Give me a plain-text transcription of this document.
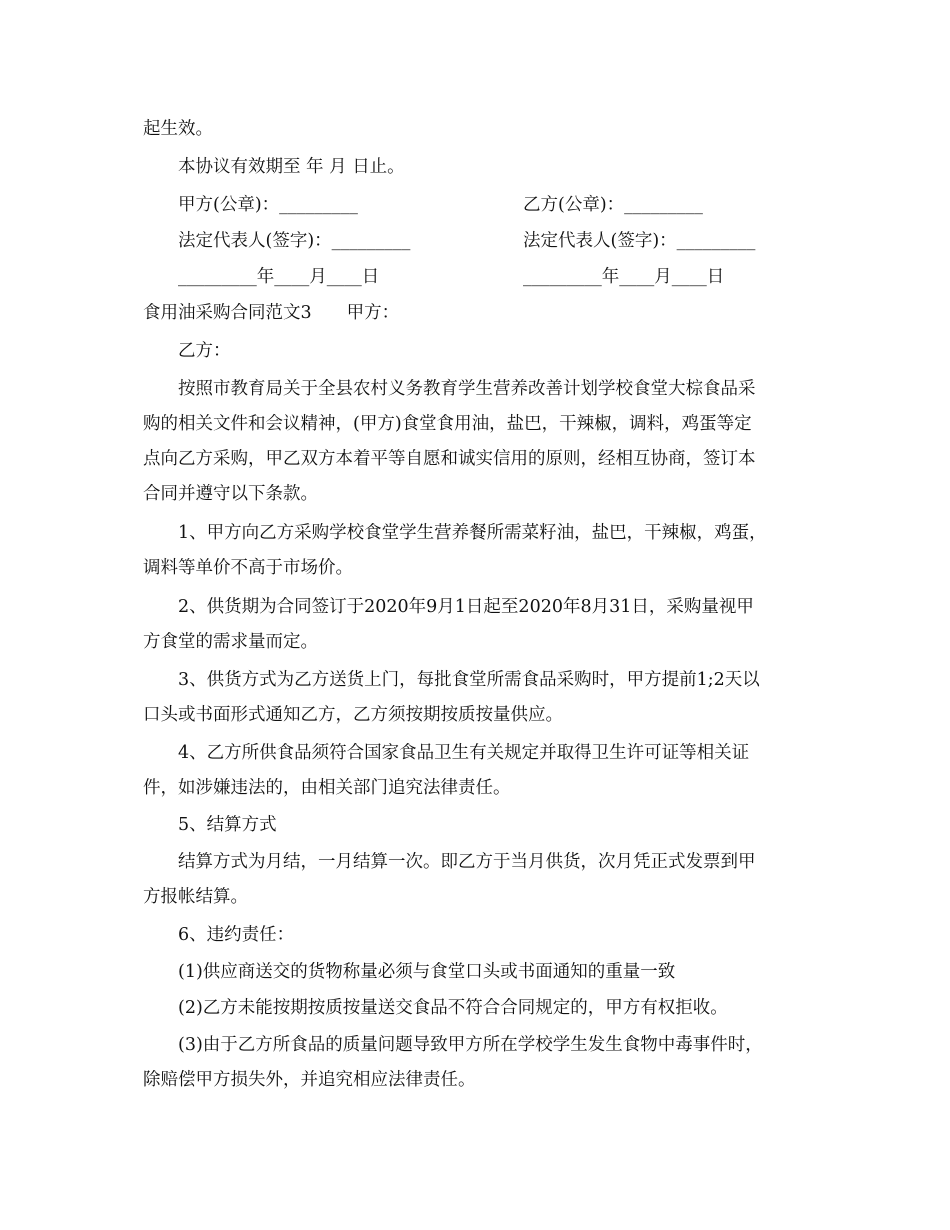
起生效。
本协议有效期至 年 月 日止。
甲方(公章)：_________	乙方(公章)：_________
法定代表人(签字)：_________	法定代表人(签字)：_________
_________年____月____日	_________年____月____日
食用油采购合同范文3　　甲方：
乙方：
按照市教育局关于全县农村义务教育学生营养改善计划学校食堂大棕食品采
购的相关文件和会议精神，(甲方)食堂食用油，盐巴，干辣椒，调料，鸡蛋等定
点向乙方采购，甲乙双方本着平等自愿和诚实信用的原则，经相互协商，签订本
合同并遵守以下条款。
1、甲方向乙方采购学校食堂学生营养餐所需菜籽油，盐巴，干辣椒，鸡蛋，
调料等单价不高于市场价。
2、供货期为合同签订于2020年9月1日起至2020年8月31日，采购量视甲
方食堂的需求量而定。
3、供货方式为乙方送货上门，每批食堂所需食品采购时，甲方提前1;2天以
口头或书面形式通知乙方，乙方须按期按质按量供应。
4、乙方所供食品须符合国家食品卫生有关规定并取得卫生许可证等相关证
件，如涉嫌违法的，由相关部门追究法律责任。
5、结算方式
结算方式为月结，一月结算一次。即乙方于当月供货，次月凭正式发票到甲
方报帐结算。
6、违约责任：
(1)供应商送交的货物称量必须与食堂口头或书面通知的重量一致
(2)乙方未能按期按质按量送交食品不符合合同规定的，甲方有权拒收。
(3)由于乙方所食品的质量问题导致甲方所在学校学生发生食物中毒事件时，
除赔偿甲方损失外，并追究相应法律责任。
